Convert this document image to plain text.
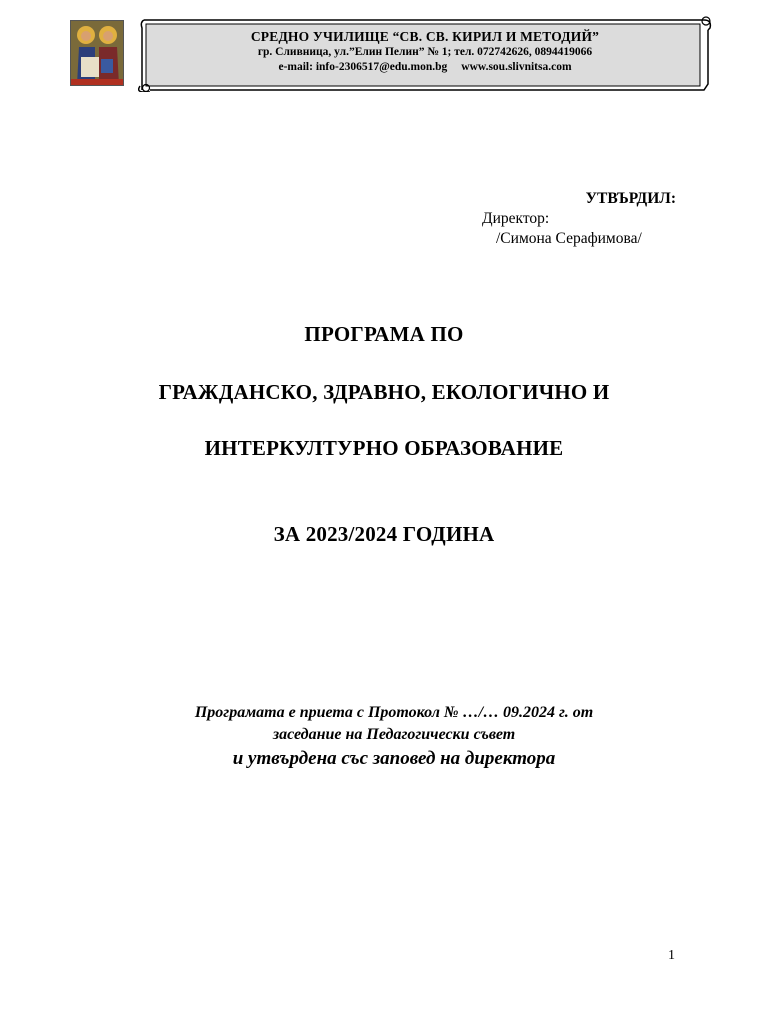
СРЕДНО УЧИЛИЩЕ “СВ. СВ. КИРИЛ И МЕТОДИЙ”
гр. Сливница, ул.”Елин Пелин” № 1; тел. 072742626, 0894419066
e-mail: info-2306517@edu.mon.bg www.sou.slivnitsa.com
УТВЪРДИЛ:
Директор:
/Симона Серафимова/
ПРОГРАМА ПО
ГРАЖДАНСКО, ЗДРАВНО, ЕКОЛОГИЧНО И
ИНТЕРКУЛТУРНО ОБРАЗОВАНИЕ
ЗА 2023/2024 ГОДИНА
Програмата е приета с Протокол № …/… 09.2024 г. от
заседание на Педагогически съвет
и утвърдена със заповед на директора
1
